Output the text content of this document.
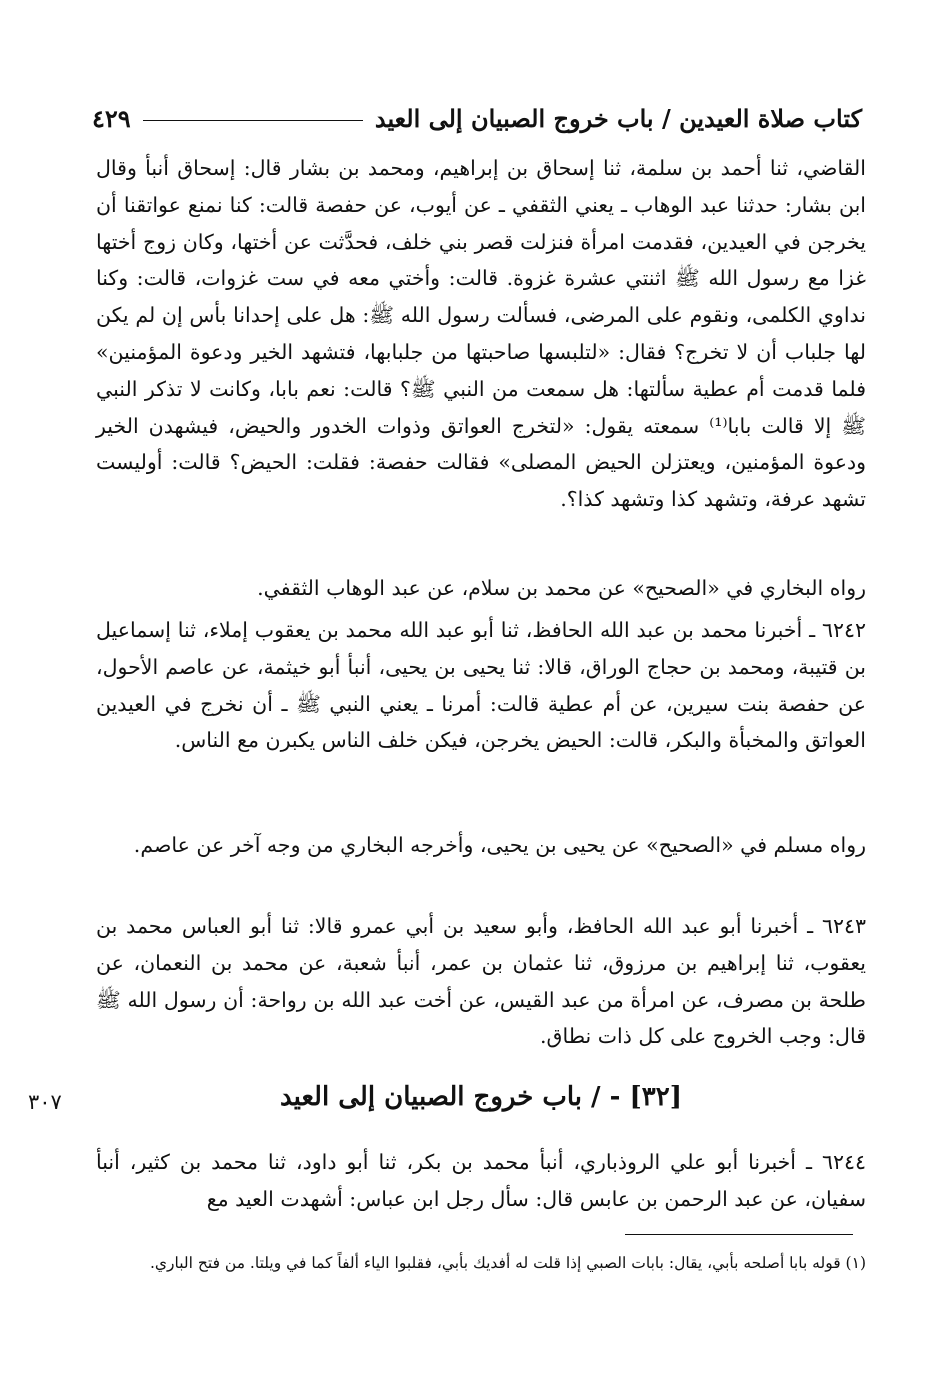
كتاب صلاة العيدين / باب خروج الصبيان إلى العيد
٤٢٩
القاضي، ثنا أحمد بن سلمة، ثنا إسحاق بن إبراهيم، ومحمد بن بشار قال: إسحاق أنبأ وقال ابن بشار: حدثنا عبد الوهاب ـ يعني الثقفي ـ عن أيوب، عن حفصة قالت: كنا نمنع عواتقنا أن يخرجن في العيدين، فقدمت امرأة فنزلت قصر بني خلف، فحدَّثت عن أختها، وكان زوج أختها غزا مع رسول الله ﷺ اثنتي عشرة غزوة. قالت: وأختي معه في ست غزوات، قالت: وكنا نداوي الكلمى، ونقوم على المرضى، فسألت رسول الله ﷺ: هل على إحدانا بأس إن لم يكن لها جلباب أن لا تخرج؟ فقال: «لتلبسها صاحبتها من جلبابها، فتشهد الخير ودعوة المؤمنين» فلما قدمت أم عطية سألتها: هل سمعت من النبي ﷺ؟ قالت: نعم بابا، وكانت لا تذكر النبي ﷺ إلا قالت بابا⁽¹⁾ سمعته يقول: «لتخرج العواتق وذوات الخدور والحيض، فيشهدن الخير ودعوة المؤمنين، ويعتزلن الحيض المصلى» فقالت حفصة: فقلت: الحيض؟ قالت: أوليست تشهد عرفة، وتشهد كذا وتشهد كذا؟.
رواه البخاري في «الصحيح» عن محمد بن سلام، عن عبد الوهاب الثقفي.
٦٢٤٢ ـ أخبرنا محمد بن عبد الله الحافظ، ثنا أبو عبد الله محمد بن يعقوب إملاء، ثنا إسماعيل بن قتيبة، ومحمد بن حجاج الوراق، قالا: ثنا يحيى بن يحيى، أنبأ أبو خيثمة، عن عاصم الأحول، عن حفصة بنت سيرين، عن أم عطية قالت: أمرنا ـ يعني النبي ﷺ ـ أن نخرج في العيدين العواتق والمخبأة والبكر، قالت: الحيض يخرجن، فيكن خلف الناس يكبرن مع الناس.
رواه مسلم في «الصحيح» عن يحيى بن يحيى، وأخرجه البخاري من وجه آخر عن عاصم.
٦٢٤٣ ـ أخبرنا أبو عبد الله الحافظ، وأبو سعيد بن أبي عمرو قالا: ثنا أبو العباس محمد بن يعقوب، ثنا إبراهيم بن مرزوق، ثنا عثمان بن عمر، أنبأ شعبة، عن محمد بن النعمان، عن طلحة بن مصرف، عن امرأة من عبد القيس، عن أخت عبد الله بن رواحة: أن رسول الله ﷺ قال: وجب الخروج على كل ذات نطاق.
[٣٢] - / باب خروج الصبيان إلى العيد
٣٠٧
٦٢٤٤ ـ أخبرنا أبو علي الروذباري، أنبأ محمد بن بكر، ثنا أبو داود، ثنا محمد بن كثير، أنبأ سفيان، عن عبد الرحمن بن عابس قال: سأل رجل ابن عباس: أشهدت العيد مع
(١) قوله بابا أصلحه بأبي، يقال: بابات الصبي إذا قلت له أفديك بأبي، فقلبوا الياء ألفاً كما في ويلتا. من فتح الباري.
